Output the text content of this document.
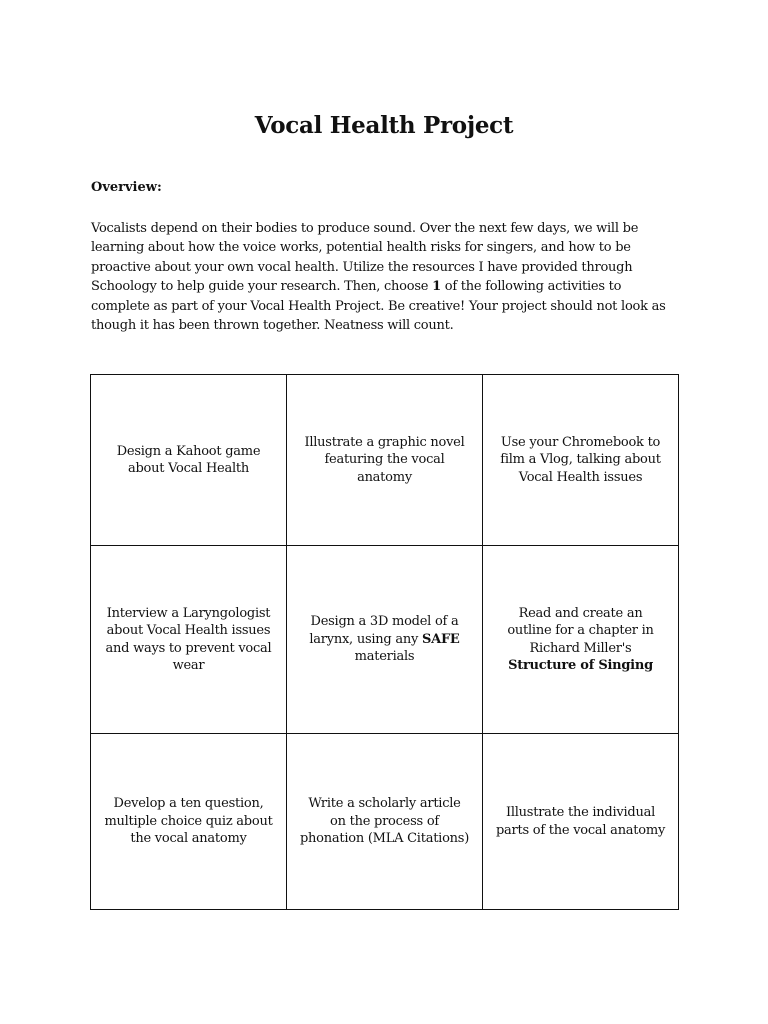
Vocal Health Project
Overview:
Vocalists depend on their bodies to produce sound. Over the next few days, we will be learning about how the voice works, potential health risks for singers, and how to be proactive about your own vocal health. Utilize the resources I have provided through Schoology to help guide your research. Then, choose 1 of the following activities to complete as part of your Vocal Health Project. Be creative! Your project should not look as though it has been thrown together. Neatness will count.
Design a Kahoot game about Vocal Health	Illustrate a graphic novel featuring the vocal anatomy	Use your Chromebook to film a Vlog, talking about Vocal Health issues
Interview a Laryngologist about Vocal Health issues and ways to prevent vocal wear	Design a 3D model of a larynx, using any SAFE materials	Read and create an outline for a chapter in Richard Miller's Structure of Singing
Develop a ten question, multiple choice quiz about the vocal anatomy	Write a scholarly article on the process of phonation (MLA Citations)	Illustrate the individual parts of the vocal anatomy
